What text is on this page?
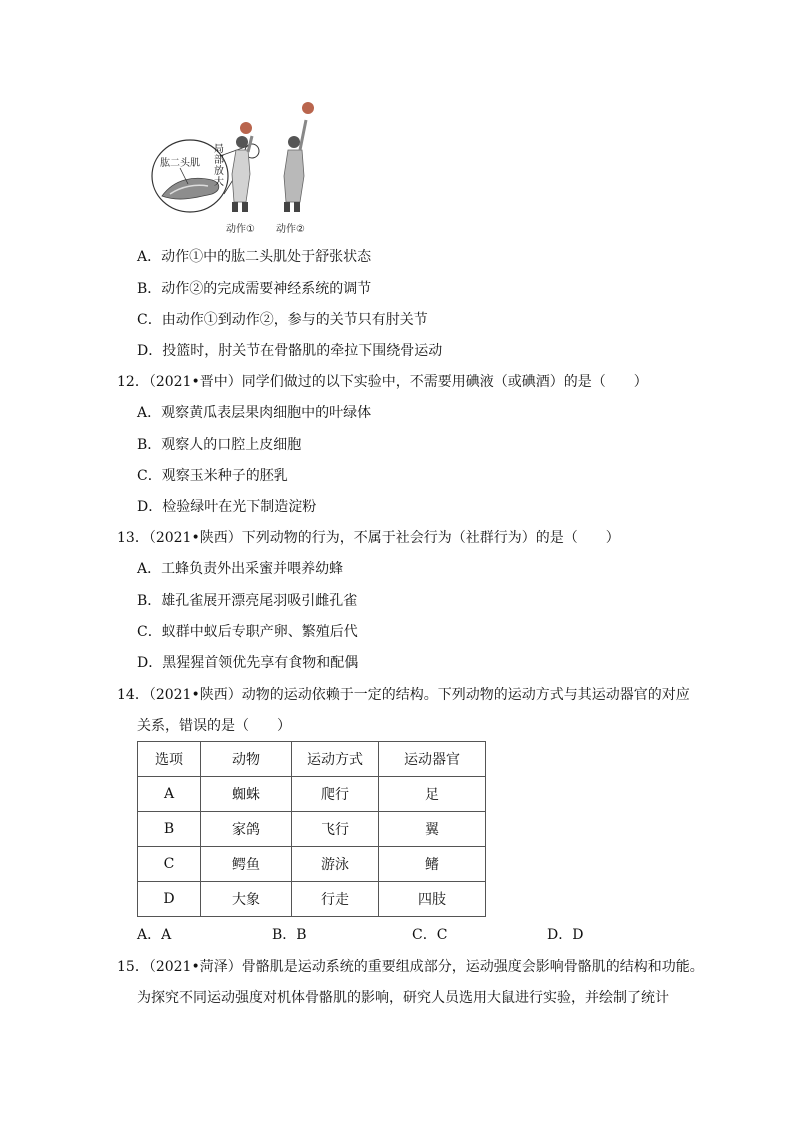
肱二头肌
动作① 动作②
局部放大
A．动作①中的肱二头肌处于舒张状态
B．动作②的完成需要神经系统的调节
C．由动作①到动作②，参与的关节只有肘关节
D．投篮时，肘关节在骨骼肌的牵拉下围绕骨运动
12．（2021•晋中）同学们做过的以下实验中，不需要用碘液（或碘酒）的是（　　）
A．观察黄瓜表层果肉细胞中的叶绿体
B．观察人的口腔上皮细胞
C．观察玉米种子的胚乳
D．检验绿叶在光下制造淀粉
13．（2021•陕西）下列动物的行为，不属于社会行为（社群行为）的是（　　）
A．工蜂负责外出采蜜并喂养幼蜂
B．雄孔雀展开漂亮尾羽吸引雌孔雀
C．蚁群中蚁后专职产卵、繁殖后代
D．黑猩猩首领优先享有食物和配偶
14．（2021•陕西）动物的运动依赖于一定的结构。下列动物的运动方式与其运动器官的对应
关系，错误的是（　　）
选项	动物	运动方式	运动器官
A	蜘蛛	爬行	足
B	家鸽	飞行	翼
C	鳄鱼	游泳	鳍
D	大象	行走	四肢
A．A	B．B	C．C	D．D
15．（2021•菏泽）骨骼肌是运动系统的重要组成部分，运动强度会影响骨骼肌的结构和功能。
为探究不同运动强度对机体骨骼肌的影响，研究人员选用大鼠进行实验，并绘制了统计
